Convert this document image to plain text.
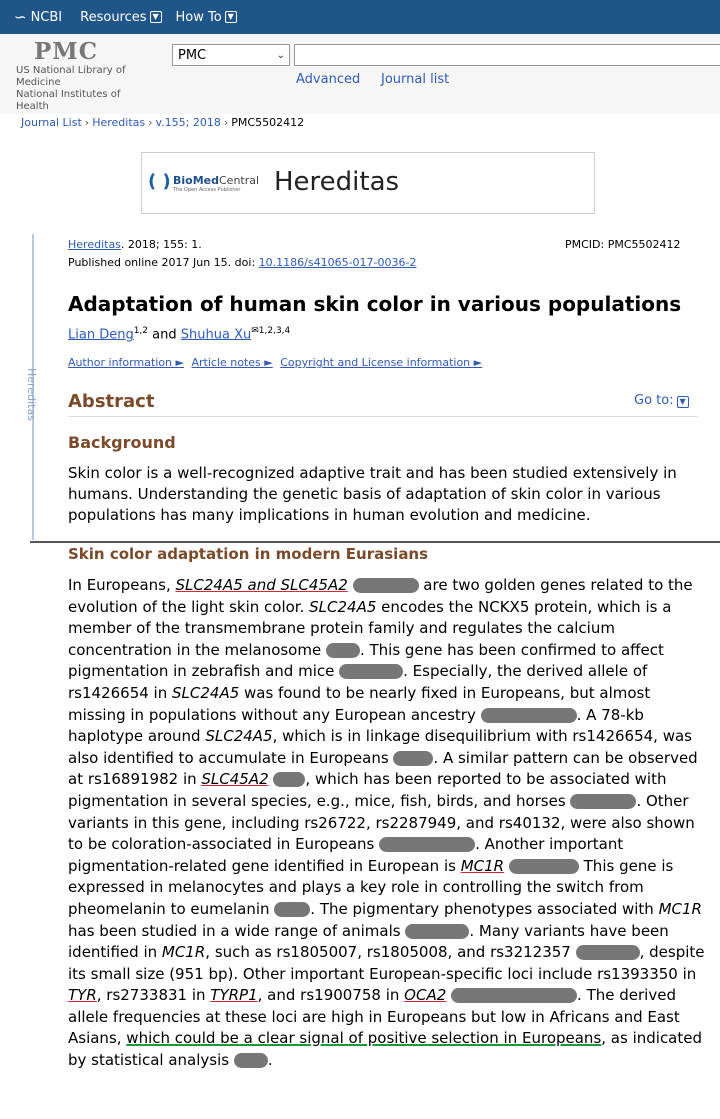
∽ NCBI Resources ▼ How To ▼
PMC
US National Library of Medicine
National Institutes of Health
PMC	⌄
Advanced Journal list
Journal List › Hereditas › v.155; 2018 › PMC5502412
( ) BioMedCentral
The Open Access Publisher Hereditas
Hereditas
Hereditas. 2018; 155: 1.
Published online 2017 Jun 15. doi: 10.1186/s41065-017-0036-2
PMCID: PMC5502412
Adaptation of human skin color in various populations
Lian Deng$^{1,2}$ and Shuhua $Xu^{✉1,2,3,4}$
Author information ► Article notes ► Copyright and License information ►
Abstract	Go to: ▼
Background
Skin color is a well-recognized adaptive trait and has been studied extensively in humans. Understanding the genetic basis of adaptation of skin color in various populations has many implications in human evolution and medicine.
Skin color adaptation in modern Eurasians
In Europeans, SLC24A5 and SLC45A2	are two golden genes related to the evolution of the light skin color. SLC24A5 encodes the NCKX5 protein, which is a member of the transmembrane protein family and regulates the calcium concentration in the melanosome . This gene has been confirmed to affect pigmentation in zebrafish and mice	. Especially, the derived allele of rs1426654 in SLC24A5 was found to be nearly fixed in Europeans, but almost missing in populations without any European ancestry	. A 78-kb haplotype around SLC24A5, which is in linkage disequilibrium with rs1426654, was also identified to accumulate in Europeans	. A similar pattern can be observed at rs16891982 in SLC45A2 , which has been reported to be associated with pigmentation in several species, e.g., mice, fish, birds, and horses	. Other variants in this gene, including rs26722, rs2287949, and rs40132, were also shown to be coloration-associated in Europeans	. Another important pigmentation-related gene identified in European is MC1R	This gene is expressed in melanocytes and plays a key role in controlling the switch from pheomelanin to eumelanin . The pigmentary phenotypes associated with MC1R has been studied in a wide range of animals	. Many variants have been identified in MC1R, such as rs1805007, rs1805008, and rs3212357	, despite its small size (951 bp). Other important European-specific loci include rs1393350 in TYR, rs2733831 in TYRP1, and rs1900758 in OCA2	. The derived allele frequencies at these loci are high in Europeans but low in Africans and East Asians, which could be a clear signal of positive selection in Europeans, as indicated by statistical analysis .
